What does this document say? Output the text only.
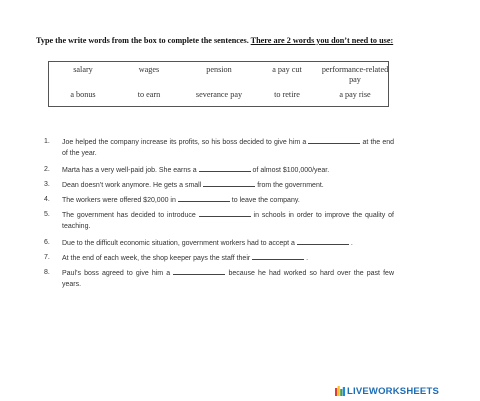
Type the write words from the box to complete the sentences. There are 2 words you don’t need to use:
salary	wages	pension	a pay cut	performance-related pay
a bonus	to earn	severance pay	to retire	a pay rise
1.	Joe helped the company increase its profits, so his boss decided to give him a	at the end of the year.
2.	Marta has a very well-paid job. She earns a	of almost $100,000/year.
3.	Dean doesn’t work anymore. He gets a small	from the government.
4.	The workers were offered $20,000 in	to leave the company.
5.	The government has decided to introduce	in schools in order to improve the quality of teaching.
6.	Due to the difficult economic situation, government workers had to accept a	.
7.	At the end of each week, the shop keeper pays the staff their	.
8.	Paul’s boss agreed to give him a	because he had worked so hard over the past few years.
LIVEWORKSHEETS
